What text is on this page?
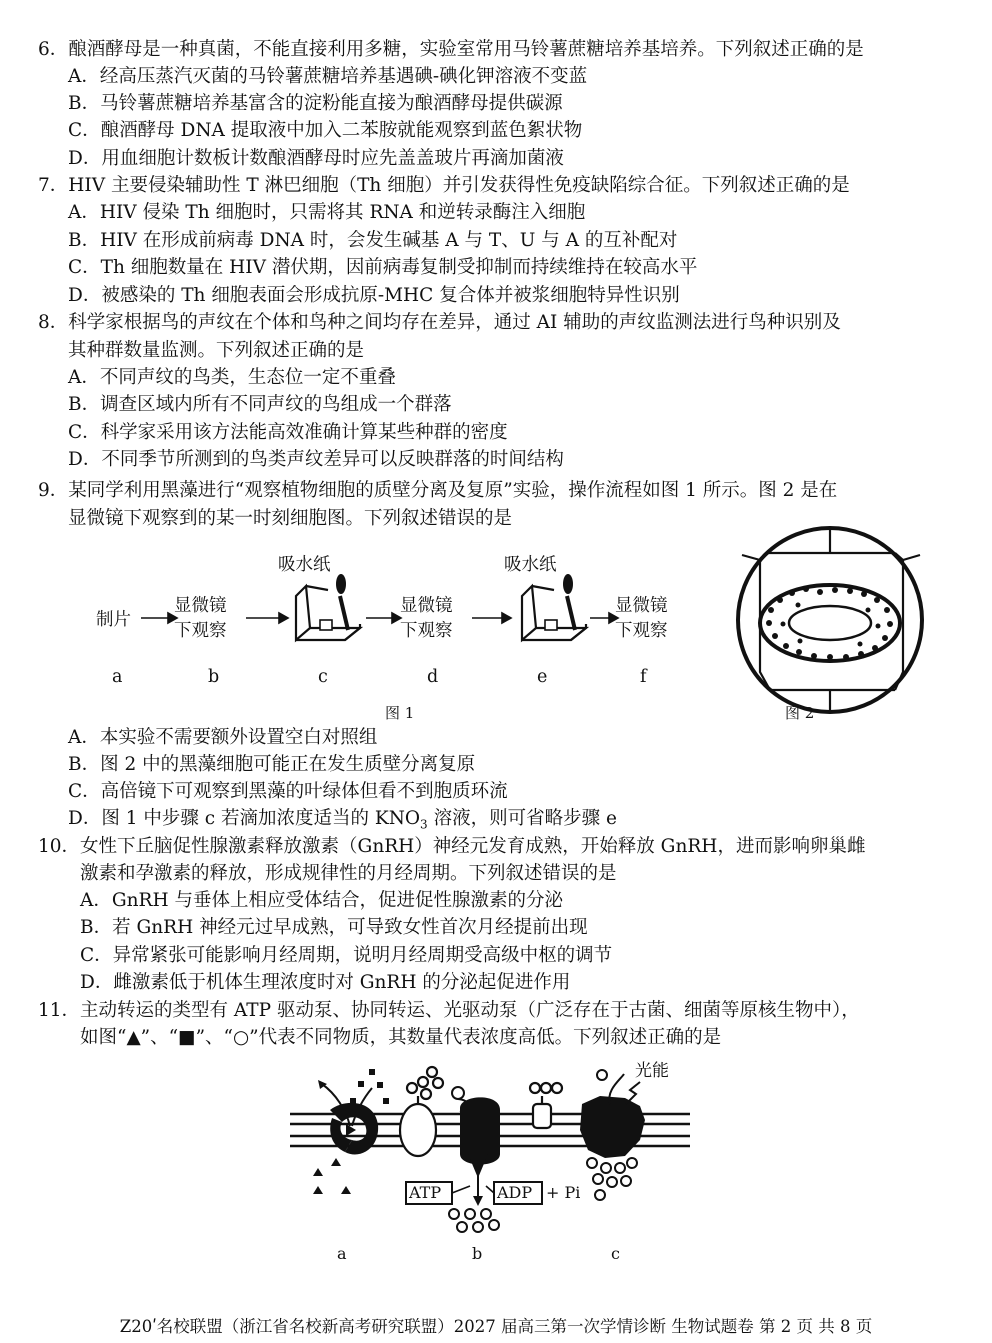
6．酿酒酵母是一种真菌，不能直接利用多糖，实验室常用马铃薯蔗糖培养基培养。下列叙述正确的是
A．经高压蒸汽灭菌的马铃薯蔗糖培养基遇碘-碘化钾溶液不变蓝
B．马铃薯蔗糖培养基富含的淀粉能直接为酿酒酵母提供碳源
C．酿酒酵母 DNA 提取液中加入二苯胺就能观察到蓝色絮状物
D．用血细胞计数板计数酿酒酵母时应先盖盖玻片再滴加菌液
7．HIV 主要侵染辅助性 T 淋巴细胞（Th 细胞）并引发获得性免疫缺陷综合征。下列叙述正确的是
A．HIV 侵染 Th 细胞时，只需将其 RNA 和逆转录酶注入细胞
B．HIV 在形成前病毒 DNA 时，会发生碱基 A 与 T、U 与 A 的互补配对
C．Th 细胞数量在 HIV 潜伏期，因前病毒复制受抑制而持续维持在较高水平
D．被感染的 Th 细胞表面会形成抗原-MHC 复合体并被浆细胞特异性识别
8．科学家根据鸟的声纹在个体和鸟种之间均存在差异，通过 AI 辅助的声纹监测法进行鸟种识别及
其种群数量监测。下列叙述正确的是
A．不同声纹的鸟类，生态位一定不重叠
B．调查区域内所有不同声纹的鸟组成一个群落
C．科学家采用该方法能高效准确计算某些种群的密度
D．不同季节所测到的鸟类声纹差异可以反映群落的时间结构
9．某同学利用黑藻进行“观察植物细胞的质壁分离及复原”实验，操作流程如图 1 所示。图 2 是在
显微镜下观察到的某一时刻细胞图。下列叙述错误的是
制片
显微镜
下观察
显微镜
下观察
显微镜
下观察
吸水纸	吸水纸
a	b	c	d	e	f
图 1	图 2
A．本实验不需要额外设置空白对照组
B．图 2 中的黑藻细胞可能正在发生质壁分离复原
C．高倍镜下可观察到黑藻的叶绿体但看不到胞质环流
D．图 1 中步骤 c 若滴加浓度适当的 $KNO_3$ 溶液，则可省略步骤 e
10．女性下丘脑促性腺激素释放激素（GnRH）神经元发育成熟，开始释放 GnRH，进而影响卵巢雌
激素和孕激素的释放，形成规律性的月经周期。下列叙述错误的是
A．GnRH 与垂体上相应受体结合，促进促性腺激素的分泌
B．若 GnRH 神经元过早成熟，可导致女性首次月经提前出现
C．异常紧张可能影响月经周期，说明月经周期受高级中枢的调节
D．雌激素低于机体生理浓度时对 GnRH 的分泌起促进作用
11．主动转运的类型有 ATP 驱动泵、协同转运、光驱动泵（广泛存在于古菌、细菌等原核生物中），
如图“▲”、“■”、“○”代表不同物质，其数量代表浓度高低。下列叙述正确的是
光能
ATP	ADP + Pi
a	b	c
Z20ʹ名校联盟（浙江省名校新高考研究联盟）2027 届高三第一次学情诊断 生物试题卷 第 2 页 共 8 页
